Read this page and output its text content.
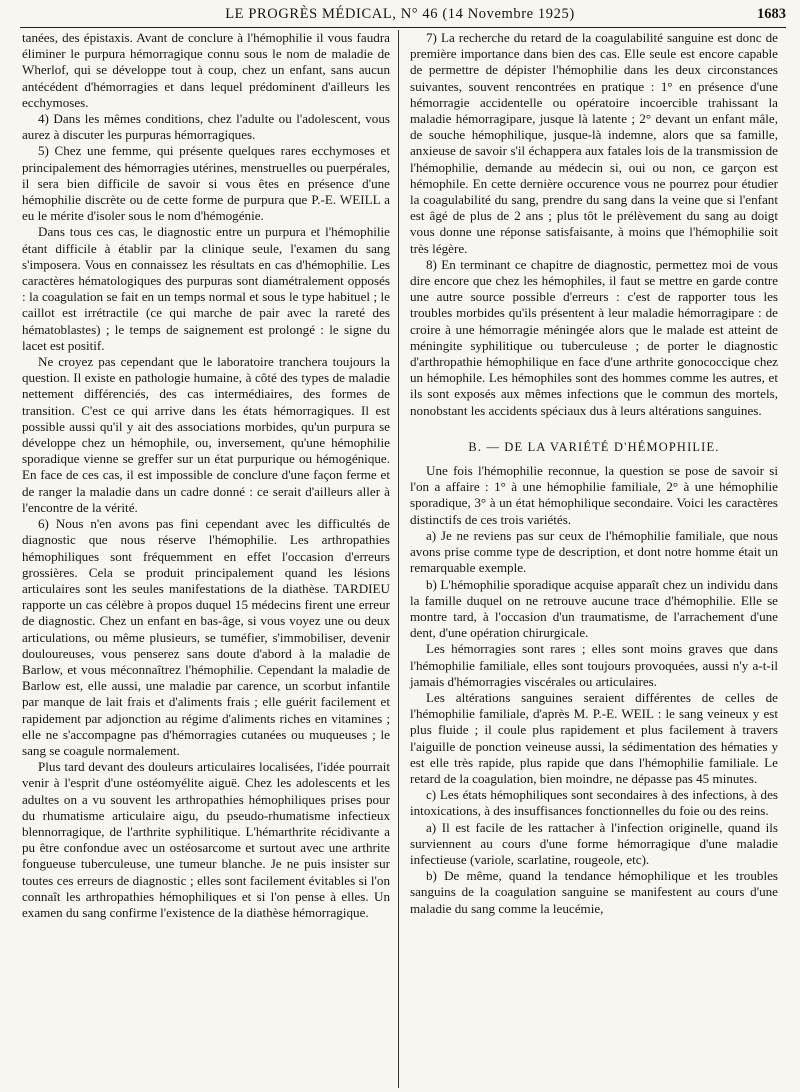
LE PROGRÈS MÉDICAL, N° 46 (14 Novembre 1925)	1683

tanées, des épistaxis. Avant de conclure à l'hémophilie il vous faudra éliminer le purpura hémorragique connu sous le nom de maladie de Wherlof, qui se développe tout à coup, chez un enfant, sans aucun antécédent d'hémorragies et dans lequel prédominent d'ailleurs les ecchymoses.

4) Dans les mêmes conditions, chez l'adulte ou l'adolescent, vous aurez à discuter les purpuras hémorragiques.

5) Chez une femme, qui présente quelques rares ecchymoses et principalement des hémorragies utérines, menstruelles ou puerpérales, il sera bien difficile de savoir si vous êtes en présence d'une hémophilie discrète ou de cette forme de purpura que P.-E. WEILL a eu le mérite d'isoler sous le nom d'hémogénie.

Dans tous ces cas, le diagnostic entre un purpura et l'hémophilie étant difficile à établir par la clinique seule, l'examen du sang s'imposera. Vous en connaissez les résultats en cas d'hémophilie. Les caractères hématologiques des purpuras sont diamétralement opposés : la coagulation se fait en un temps normal et sous le type habituel ; le caillot est irrétractile (ce qui marche de pair avec la rareté des hématoblastes) ; le temps de saignement est prolongé : le signe du lacet est positif.

Ne croyez pas cependant que le laboratoire tranchera toujours la question. Il existe en pathologie humaine, à côté des types de maladie nettement différenciés, des cas intermédiaires, des formes de transition. C'est ce qui arrive dans les états hémorragiques. Il est possible aussi qu'il y ait des associations morbides, qu'un purpura se développe chez un hémophile, ou, inversement, qu'une hémophilie sporadique vienne se greffer sur un état purpurique ou hémogénique. En face de ces cas, il est impossible de conclure d'une façon ferme et de ranger la maladie dans un cadre donné : ce serait d'ailleurs aller à l'encontre de la vérité.

6) Nous n'en avons pas fini cependant avec les difficultés de diagnostic que nous réserve l'hémophilie. Les arthropathies hémophiliques sont fréquemment en effet l'occasion d'erreurs grossières. Cela se produit principalement quand les lésions articulaires sont les seules manifestations de la diathèse. TARDIEU rapporte un cas célèbre à propos duquel 15 médecins firent une erreur de diagnostic. Chez un enfant en bas-âge, si vous voyez une ou deux articulations, ou même plusieurs, se tuméfier, s'immobiliser, devenir douloureuses, vous penserez sans doute d'abord à la maladie de Barlow, et vous méconnaîtrez l'hémophilie. Cependant la maladie de Barlow est, elle aussi, une maladie par carence, un scorbut infantile par manque de lait frais et d'aliments frais ; elle guérit facilement et rapidement par adjonction au régime d'aliments riches en vitamines ; elle ne s'accompagne pas d'hémorragies cutanées ou muqueuses ; le sang se coagule normalement.

Plus tard devant des douleurs articulaires localisées, l'idée pourrait venir à l'esprit d'une ostéomyélite aiguë. Chez les adolescents et les adultes on a vu souvent les arthropathies hémophiliques prises pour du rhumatisme articulaire aigu, du pseudo-rhumatisme infectieux blennorragique, de l'arthrite syphilitique. L'hémarthrite récidivante a pu être confondue avec un ostéosarcome et surtout avec une arthrite fongueuse tuberculeuse, une tumeur blanche. Je ne puis insister sur toutes ces erreurs de diagnostic ; elles sont facilement évitables si l'on connaît les arthropathies hémophiliques et si l'on pense à elles. Un examen du sang confirme l'existence de la diathèse hémorragique.

7) La recherche du retard de la coagulabilité sanguine est donc de première importance dans bien des cas. Elle seule est encore capable de permettre de dépister l'hémophilie dans les deux circonstances suivantes, souvent rencontrées en pratique : 1° en présence d'une hémorragie accidentelle ou opératoire incoercible trahissant la maladie hémorragipare, jusque là latente ; 2° devant un enfant mâle, de souche hémophilique, jusque-là indemne, alors que sa famille, anxieuse de savoir s'il échappera aux fatales lois de la transmission de l'hémophilie, demande au médecin si, oui ou non, ce garçon est hémophile. En cette dernière occurence vous ne pourrez pour étudier la coagulabilité du sang, prendre du sang dans la veine que si l'enfant est âgé de plus de 2 ans ; plus tôt le prélèvement du sang au doigt vous donne une réponse satisfaisante, à moins que l'hémophilie soit très légère.

8) En terminant ce chapitre de diagnostic, permettez moi de vous dire encore que chez les hémophiles, il faut se mettre en garde contre une autre source possible d'erreurs : c'est de rapporter tous les troubles morbides qu'ils présentent à leur maladie hémorragipare : de croire à une hémorragie méningée alors que le malade est atteint de méningite syphilitique ou tuberculeuse ; de porter le diagnostic d'arthropathie hémophilique en face d'une arthrite gonococcique chez un hémophile. Les hémophiles sont des hommes comme les autres, et ils sont exposés aux mêmes infections que le commun des mortels, nonobstant les accidents spéciaux dus à leurs altérations sanguines.

B. — DE LA VARIÉTÉ D'HÉMOPHILIE.

Une fois l'hémophilie reconnue, la question se pose de savoir si l'on a affaire : 1° à une hémophilie familiale, 2° à une hémophilie sporadique, 3° à un état hémophilique secondaire. Voici les caractères distinctifs de ces trois variétés.

a) Je ne reviens pas sur ceux de l'hémophilie familiale, que nous avons prise comme type de description, et dont notre homme était un remarquable exemple.

b) L'hémophilie sporadique acquise apparaît chez un individu dans la famille duquel on ne retrouve aucune trace d'hémophilie. Elle se montre tard, à l'occasion d'un traumatisme, de l'arrachement d'une dent, d'une opération chirurgicale.

Les hémorragies sont rares ; elles sont moins graves que dans l'hémophilie familiale, elles sont toujours provoquées, aussi n'y a-t-il jamais d'hémorragies viscérales ou articulaires.

Les altérations sanguines seraient différentes de celles de l'hémophilie familiale, d'après M. P.-E. WEIL : le sang veineux y est plus fluide ; il coule plus rapidement et plus facilement à travers l'aiguille de ponction veineuse aussi, la sédimentation des hématies y est elle très rapide, plus rapide que dans l'hémophilie familiale. Le retard de la coagulation, bien moindre, ne dépasse pas 45 minutes.

c) Les états hémophiliques sont secondaires à des infections, à des intoxications, à des insuffisances fonctionnelles du foie ou des reins.

a) Il est facile de les rattacher à l'infection originelle, quand ils surviennent au cours d'une forme hémorragique d'une maladie infectieuse (variole, scarlatine, rougeole, etc).

b) De même, quand la tendance hémophilique et les troubles sanguins de la coagulation sanguine se manifestent au cours d'une maladie du sang comme la leucémie,
